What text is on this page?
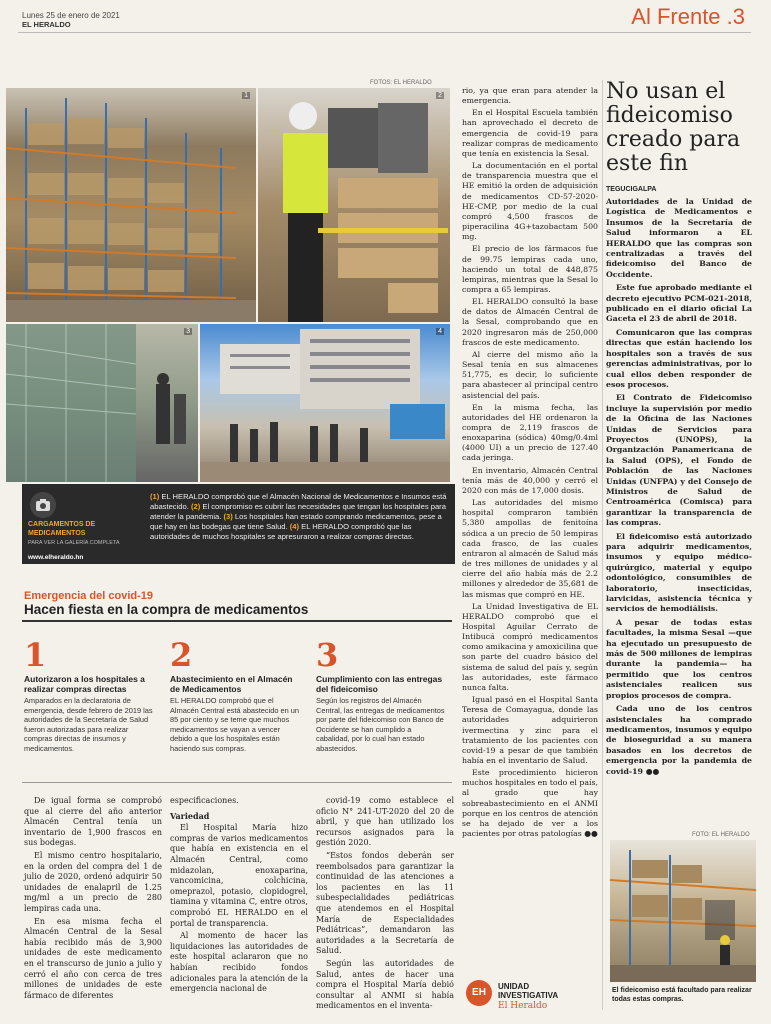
Lunes 25 de enero de 2021
EL HERALDO	Al Frente .3
FOTOS: EL HERALDO
1	2
3	4
CARGAMENTOS DE MEDICAMENTOS
PARA VER LA GALERÍA COMPLETA
www.elheraldo.hn
(1) EL HERALDO comprobó que el Almacén Nacional de Medicamentos e Insumos está abastecido. (2) El compromiso es cubrir las necesidades que tengan los hospitales para atender la pandemia. (3) Los hospitales han estado comprando medicamentos, pese a que hay en las bodegas que tiene Salud. (4) EL HERALDO comprobó que las autoridades de muchos hospitales se apresuraron a realizar compras directas.
Emergencia del covid-19
Hacen fiesta en la compra de medicamentos
1
Autorizaron a los hospitales a realizar compras directas
Amparados en la declaratoria de emergencia, desde febrero de 2019 las autoridades de la Secretaría de Salud fueron autorizadas para realizar compras directas de insumos y medicamentos.
2
Abastecimiento en el Almacén de Medicamentos
EL HERALDO comprobó que el Almacén Central está abastecido en un 85 por ciento y se teme que muchos medicamentos se vayan a vencer debido a que los hospitales están haciendo sus compras.
3
Cumplimiento con las entregas del fideicomiso
Según los registros del Almacén Central, las entregas de medicamentos por parte del fideicomiso con Banco de Occidente se han cumplido a cabalidad, por lo cual han estado abastecidos.

De igual forma se comprobó que al cierre del año anterior Almacén Central tenía un inventario de 1,900 frascos en sus bodegas.

El mismo centro hospitalario, en la orden del compra del 1 de julio de 2020, ordenó adquirir 50 unidades de enalapril de 1.25 mg/ml a un precio de 280 lempiras cada una.

En esa misma fecha el Almacén Central de la Sesal había recibido más de 3,900 unidades de este medicamento en el transcurso de junio a julio y cerró el año con cerca de tres millones de unidades de este fármaco de diferentes

especificaciones.

Variedad

El Hospital María hizo compras de varios medicamentos que había en existencia en el Almacén Central, como midazolan, enoxaparina, vancomicina, colchicina, omeprazol, potasio, clopidogrel, tiamina y vitamina C, entre otros, comprobó EL HERALDO en el portal de transparencia.

Al momento de hacer las liquidaciones las autoridades de este hospital aclararon que no habían recibido fondos adicionales para la atención de la emergencia nacional de

covid-19 como establece el oficio N° 241-UT-2020 del 20 de abril, y que han utilizado los recursos asignados para la gestión 2020.

“Estos fondos deberán ser reembolsados para garantizar la continuidad de las atenciones a los pacientes en las 11 subespecialidades pediátricas que atendemos en el Hospital María de Especialidades Pediátricas”, demandaron las autoridades a la Secretaría de Salud.

Según las autoridades de Salud, antes de hacer una compra el Hospital María debió consultar al ANMI si había medicamentos en el inventa-

rio, ya que eran para atender la emergencia.

En el Hospital Escuela también han aprovechado el decreto de emergencia de covid-19 para realizar compras de medicamento que tenía en existencia la Sesal.

La documentación en el portal de transparencia muestra que el HE emitió la orden de adquisición de medicamentos CD-57-2020-HE-CMP, por medio de la cual compró 4,500 frascos de piperacilina 4G+tazobactam 500 mg.

El precio de los fármacos fue de 99.75 lempiras cada uno, haciendo un total de 448,875 lempiras, mientras que la Sesal lo compra a 65 lempiras.

EL HERALDO consultó la base de datos de Almacén Central de la Sesal, comprobando que en 2020 ingresaron más de 250,000 frascos de este medicamento.

Al cierre del mismo año la Sesal tenía en sus almacenes 51,775, es decir, lo suficiente para abastecer al principal centro asistencial del país.

En la misma fecha, las autoridades del HE ordenaron la compra de 2,119 frascos de enoxaparina (sódica) 40mg/0.4ml (4000 UI) a un precio de 127.40 cada jeringa.

En inventario, Almacén Central tenía más de 40,000 y cerró el 2020 con más de 17,000 dosis.

Las autoridades del mismo hospital compraron también 5,380 ampollas de fenitoína sódica a un precio de 50 lempiras cada frasco, de las cuales entraron al almacén de Salud más de tres millones de unidades y al cierre del año había más de 2.2 millones y alrededor de 35,681 de las mismas que compró en HE.

La Unidad Investigativa de EL HERALDO comprobó que el Hospital Aguilar Cerrato de Intibucá compró medicamentos como amikacina y amoxicilina que son parte del cuadro básico del sistema de salud del país y, según las autoridades, este fármaco nunca falta.

Igual pasó en el Hospital Santa Teresa de Comayagua, donde las autoridades adquirieron ivermectina y zinc para el tratamiento de los pacientes con covid-19 a pesar de que también había en el inventario de Salud.

Este procedimiento hicieron muchos hospitales en todo el país, al grado que hay sobreabastecimiento en el ANMI porque en los centros de atención se ha dejado de ver a los pacientes por otras patologías ●●

EH
UNIDAD
INVESTIGATIVA
El Heraldo
No usan el fideicomiso creado para este fin
TEGUCIGALPA

Autoridades de la Unidad de Logística de Medicamentos e Insumos de la Secretaría de Salud informaron a EL HERALDO que las compras son centralizadas a través del fideicomiso del Banco de Occidente.

Este fue aprobado mediante el decreto ejecutivo PCM-021-2018, publicado en el diario oficial La Gaceta el 23 de abril de 2018.

Comunicaron que las compras directas que están haciendo los hospitales son a través de sus gerencias administrativas, por lo cual ellos deben responder de esos procesos.

El Contrato de Fideicomiso incluye la supervisión por medio de la Oficina de las Naciones Unidas de Servicios para Proyectos (UNOPS), la Organización Panamericana de la Salud (OPS), el Fondo de Población de las Naciones Unidas (UNFPA) y del Consejo de Ministros de Salud de Centroamérica (Comisca) para garantizar la transparencia de las compras.

El fideicomiso está autorizado para adquirir medicamentos, insumos y equipo médico-quirúrgico, material y equipo odontológico, consumibles de laboratorio, insecticidas, larvicidas, asistencia técnica y servicios de hemodiálisis.

A pesar de todas estas facultades, la misma Sesal —que ha ejecutado un presupuesto de más de 500 millones de lempiras durante la pandemia— ha permitido que los centros asistenciales realicen sus propios procesos de compra.

Cada uno de los centros asistenciales ha comprado medicamentos, insumos y equipo de bioseguridad a su manera basados en los decretos de emergencia por la pandemia de covid-19 ●●

FOTO: EL HERALDO
El fideicomiso está facultado para realizar todas estas compras.
